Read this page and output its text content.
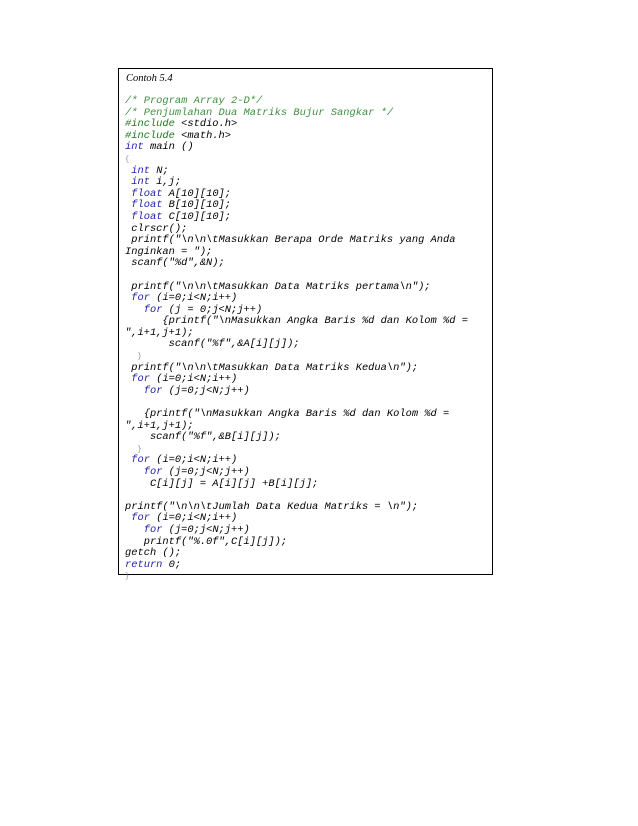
Contoh 5.4
/* Program Array 2-D*/
/* Penjumlahan Dua Matriks Bujur Sangkar */
#include <stdio.h>
#include <math.h>
int main ()
{
int N;
int i,j;
float A[10][10];
float B[10][10];
float C[10][10];
clrscr();
printf("\n\n\tMasukkan Berapa Orde Matriks yang Anda
Inginkan = ");
scanf("%d",&N);
printf("\n\n\tMasukkan Data Matriks pertama\n");
for (i=0;i<N;i++)
for (j = 0;j<N;j++)
{printf("\nMasukkan Angka Baris %d dan Kolom %d =
",i+1,j+1);
scanf("%f",&A[i][j]);
}
printf("\n\n\tMasukkan Data Matriks Kedua\n");
for (i=0;i<N;i++)
for (j=0;j<N;j++)
{printf("\nMasukkan Angka Baris %d dan Kolom %d =
",i+1,j+1);
scanf("%f",&B[i][j]);
}
for (i=0;i<N;i++)
for (j=0;j<N;j++)
C[i][j] = A[i][j] +B[i][j];
printf("\n\n\tJumlah Data Kedua Matriks = \n");
for (i=0;i<N;i++)
for (j=0;j<N;j++)
printf("%.0f",C[i][j]);
getch ();
return 0;
}
